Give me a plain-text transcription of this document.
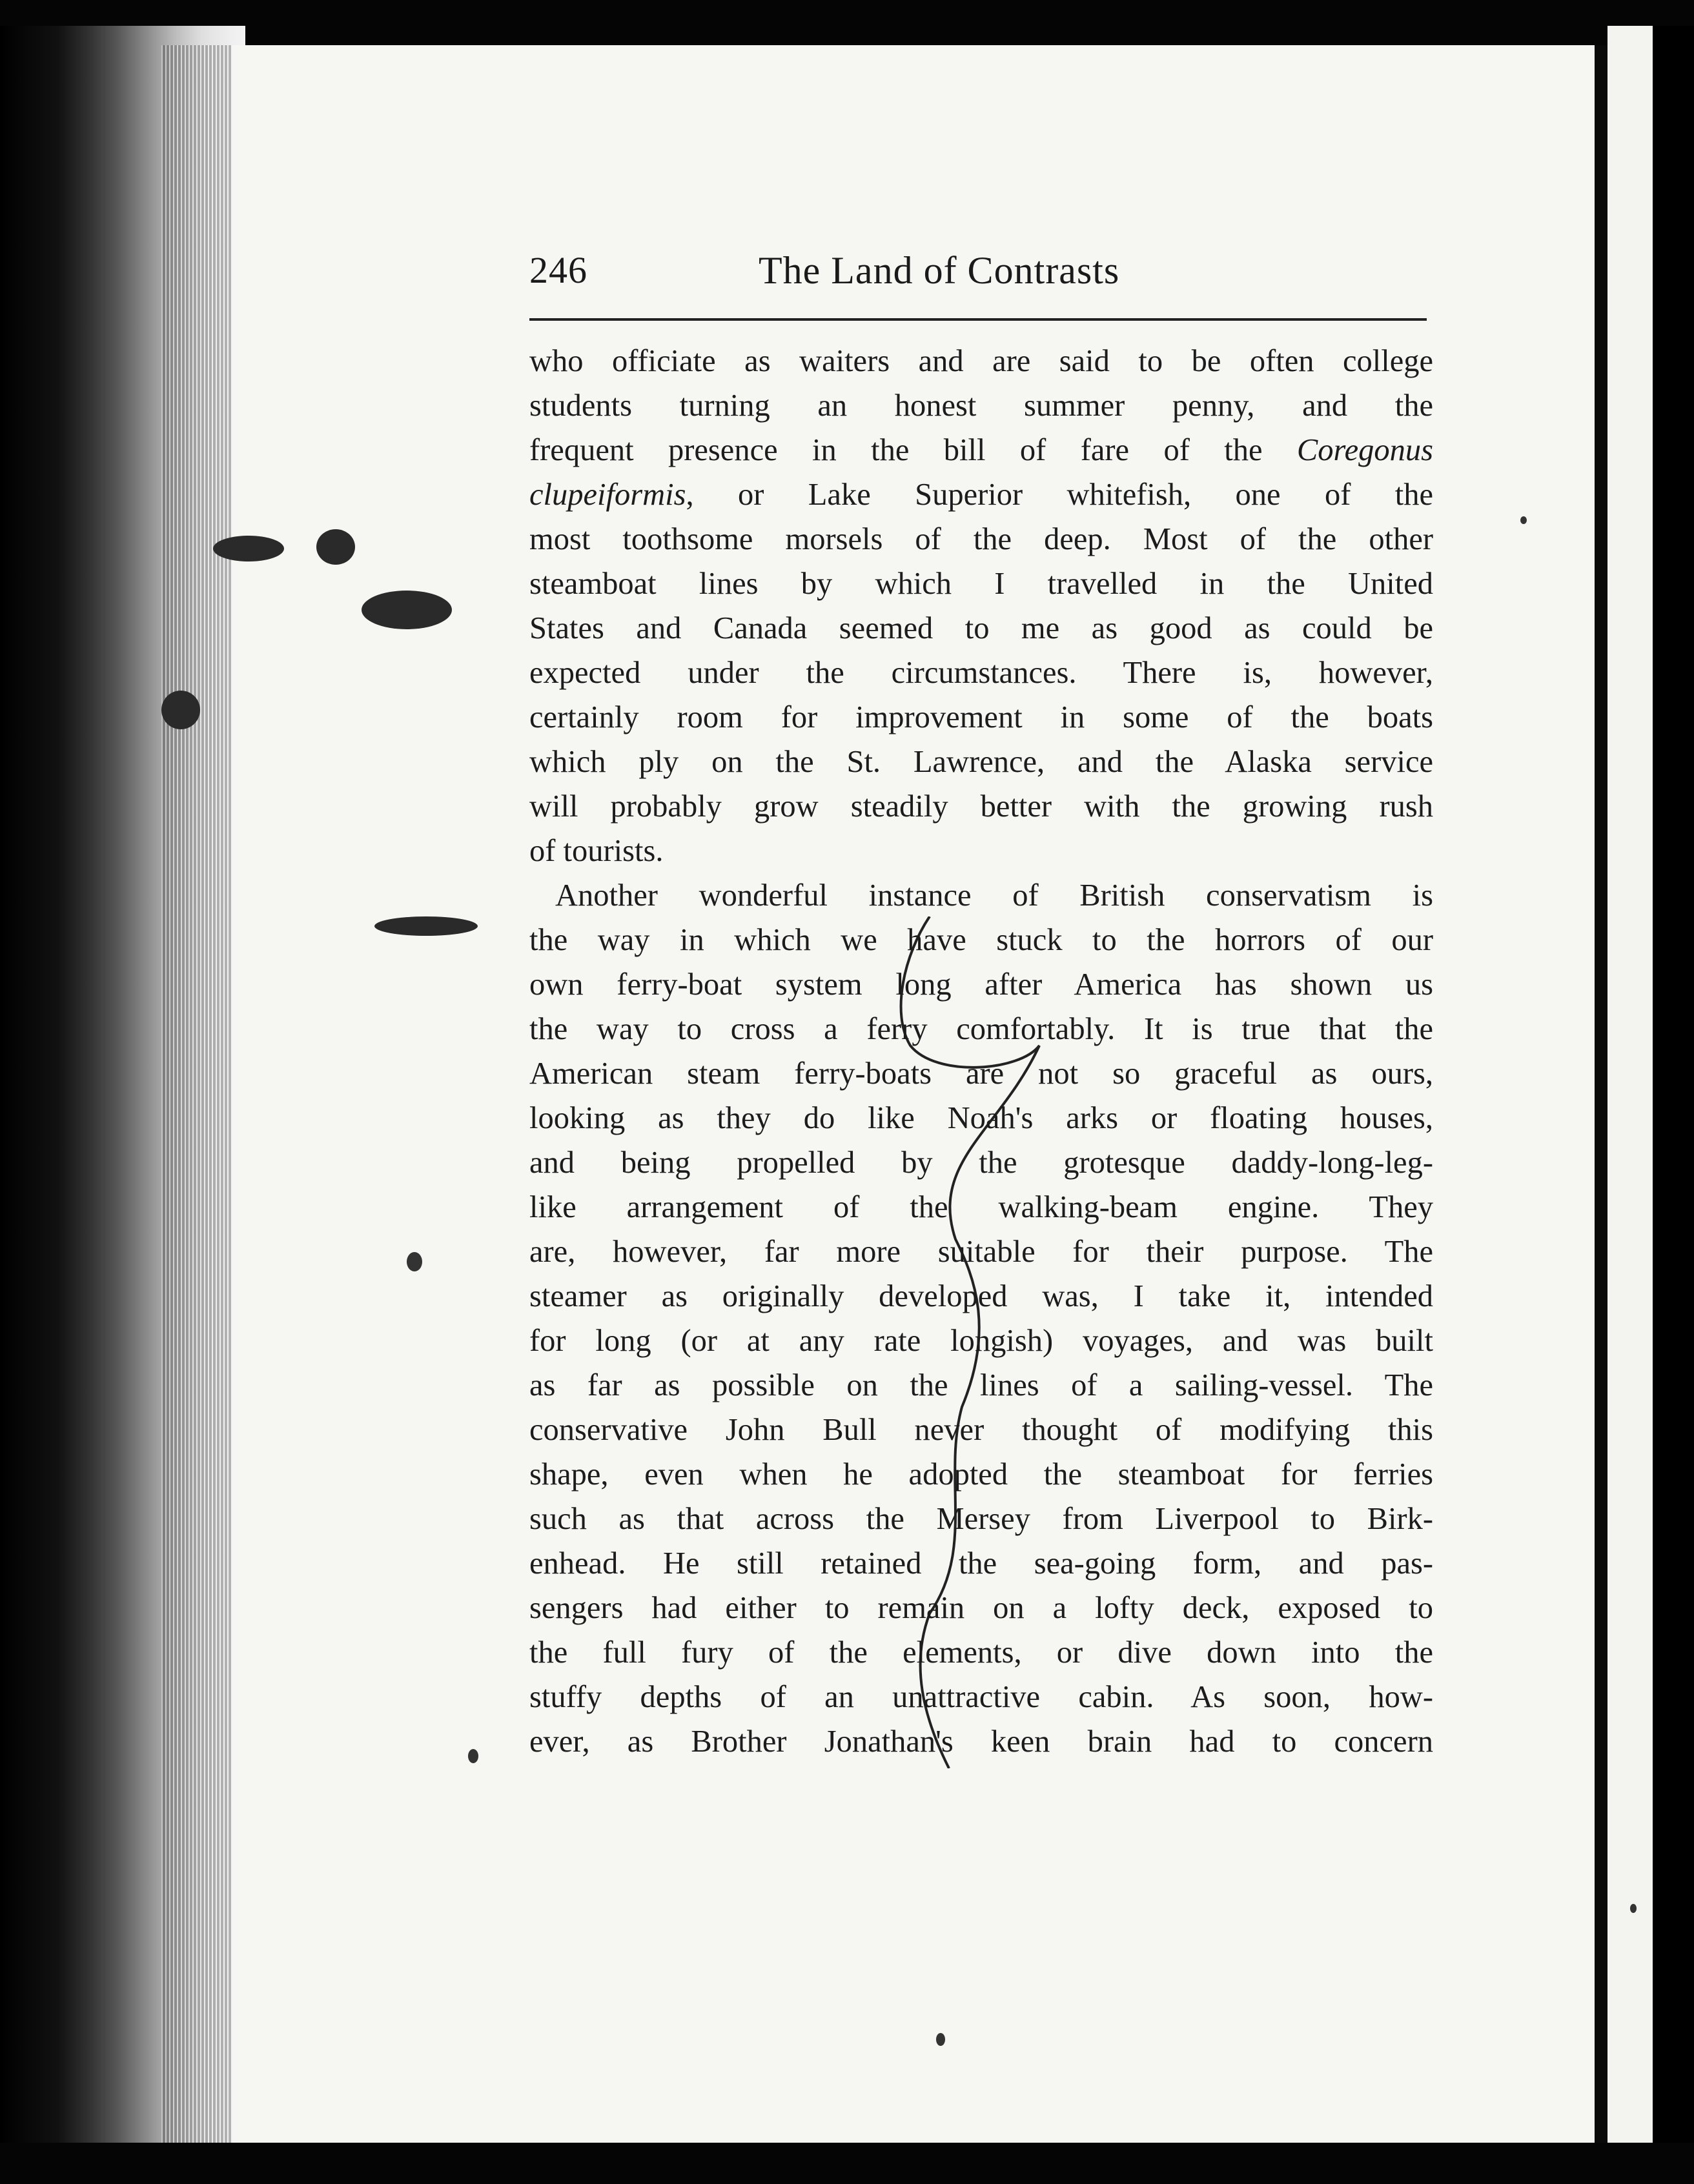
246	The Land of Contrasts
who officiate as waiters and are said to be often college
students turning an honest summer penny, and the
frequent presence in the bill of fare of the Coregonus
clupeiformis, or Lake Superior whitefish, one of the
most toothsome morsels of the deep. Most of the other
steamboat lines by which I travelled in the United
States and Canada seemed to me as good as could be
expected under the circumstances. There is, however,
certainly room for improvement in some of the boats
which ply on the St. Lawrence, and the Alaska service
will probably grow steadily better with the growing rush
of tourists.
Another wonderful instance of British conservatism is
the way in which we have stuck to the horrors of our
own ferry-boat system long after America has shown us
the way to cross a ferry comfortably. It is true that the
American steam ferry-boats are not so graceful as ours,
looking as they do like Noah's arks or floating houses,
and being propelled by the grotesque daddy-long-leg-
like arrangement of the walking-beam engine. They
are, however, far more suitable for their purpose. The
steamer as originally developed was, I take it, intended
for long (or at any rate longish) voyages, and was built
as far as possible on the lines of a sailing-vessel. The
conservative John Bull never thought of modifying this
shape, even when he adopted the steamboat for ferries
such as that across the Mersey from Liverpool to Birk-
enhead. He still retained the sea-going form, and pas-
sengers had either to remain on a lofty deck, exposed to
the full fury of the elements, or dive down into the
stuffy depths of an unattractive cabin. As soon, how-
ever, as Brother Jonathan's keen brain had to concern
